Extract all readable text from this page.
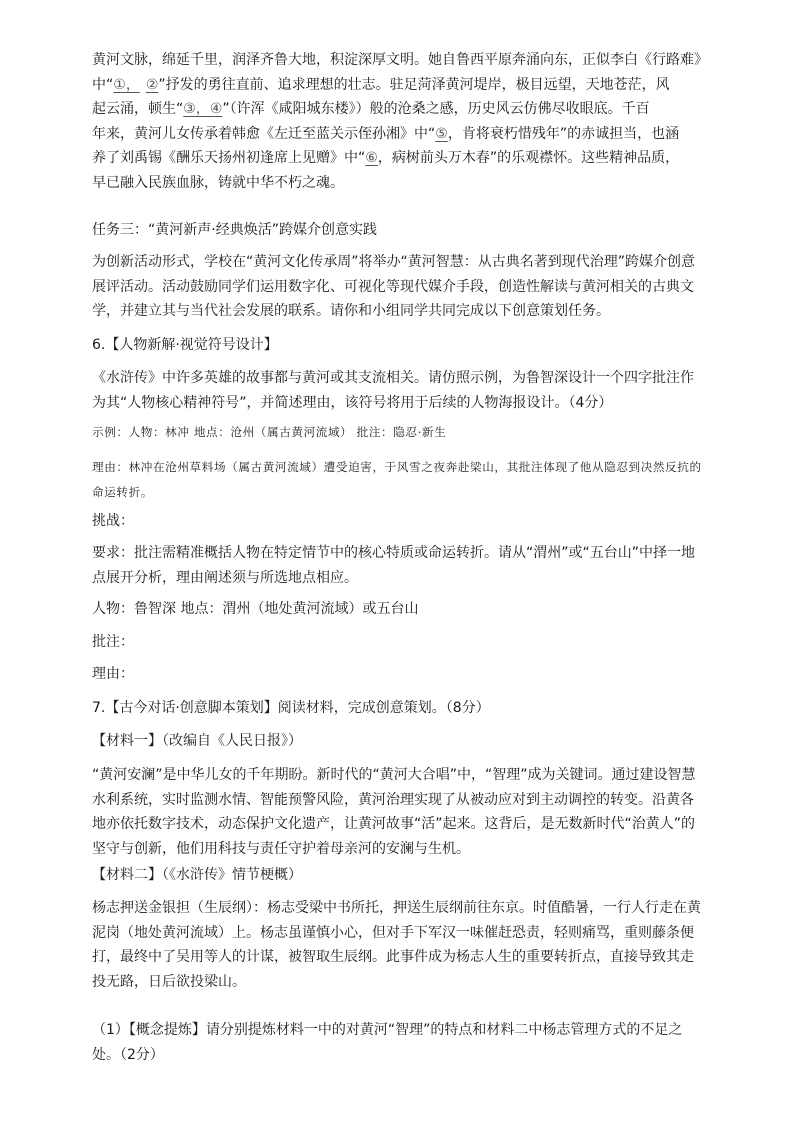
黄河文脉，绵延千里，润泽齐鲁大地，积淀深厚文明。她自鲁西平原奔涌向东，正似李白《行路难》

中“①， ②”抒发的勇往直前、追求理想的壮志。驻足菏泽黄河堤岸，极目远望，天地苍茫，风

起云涌，顿生“③，④”（许浑《咸阳城东楼》）般的沧桑之感，历史风云仿佛尽收眼底。千百

年来，黄河儿女传承着韩愈《左迁至蓝关示侄孙湘》中“⑤，肯将衰朽惜残年”的赤诚担当，也涵

养了刘禹锡《酬乐天扬州初逢席上见赠》中“⑥，病树前头万木春”的乐观襟怀。这些精神品质，

早已融入民族血脉，铸就中华不朽之魂。

任务三：“黄河新声·经典焕活”跨媒介创意实践

为创新活动形式，学校在“黄河文化传承周”将举办“黄河智慧：从古典名著到现代治理”跨媒介创意展评活动。活动鼓励同学们运用数字化、可视化等现代媒介手段，创造性解读与黄河相关的古典文学，并建立其与当代社会发展的联系。请你和小组同学共同完成以下创意策划任务。

6.【人物新解·视觉符号设计】

《水浒传》中许多英雄的故事都与黄河或其支流相关。请仿照示例，为鲁智深设计一个四字批注作为其“人物核心精神符号”，并简述理由，该符号将用于后续的人物海报设计。（4分）

示例：人物：林冲 地点：沧州（属古黄河流域） 批注：隐忍·新生

理由：林冲在沧州草料场（属古黄河流域）遭受迫害，于风雪之夜奔赴梁山，其批注体现了他从隐忍到决然反抗的命运转折。

挑战：

要求：批注需精准概括人物在特定情节中的核心特质或命运转折。请从“渭州”或“五台山”中择一地点展开分析，理由阐述须与所选地点相应。

人物：鲁智深 地点：渭州（地处黄河流域）或五台山

批注：

理由：

7.【古今对话·创意脚本策划】阅读材料，完成创意策划。（8分）

【材料一】（改编自《人民日报》）

“黄河安澜”是中华儿女的千年期盼。新时代的“黄河大合唱”中，“智理”成为关键词。通过建设智慧水利系统，实时监测水情、智能预警风险，黄河治理实现了从被动应对到主动调控的转变。沿黄各地亦依托数字技术，动态保护文化遗产，让黄河故事“活”起来。这背后，是无数新时代“治黄人”的坚守与创新，他们用科技与责任守护着母亲河的安澜与生机。

【材料二】（《水浒传》情节梗概）

杨志押送金银担（生辰纲）：杨志受梁中书所托，押送生辰纲前往东京。时值酷暑，一行人行走在黄泥岗（地处黄河流域）上。杨志虽谨慎小心，但对手下军汉一味催赶恐责，轻则痛骂，重则藤条便打，最终中了吴用等人的计谋，被智取生辰纲。此事件成为杨志人生的重要转折点，直接导致其走投无路，日后欲投梁山。

（1）【概念提炼】请分别提炼材料一中的对黄河“智理”的特点和材料二中杨志管理方式的不足之处。（2分）
